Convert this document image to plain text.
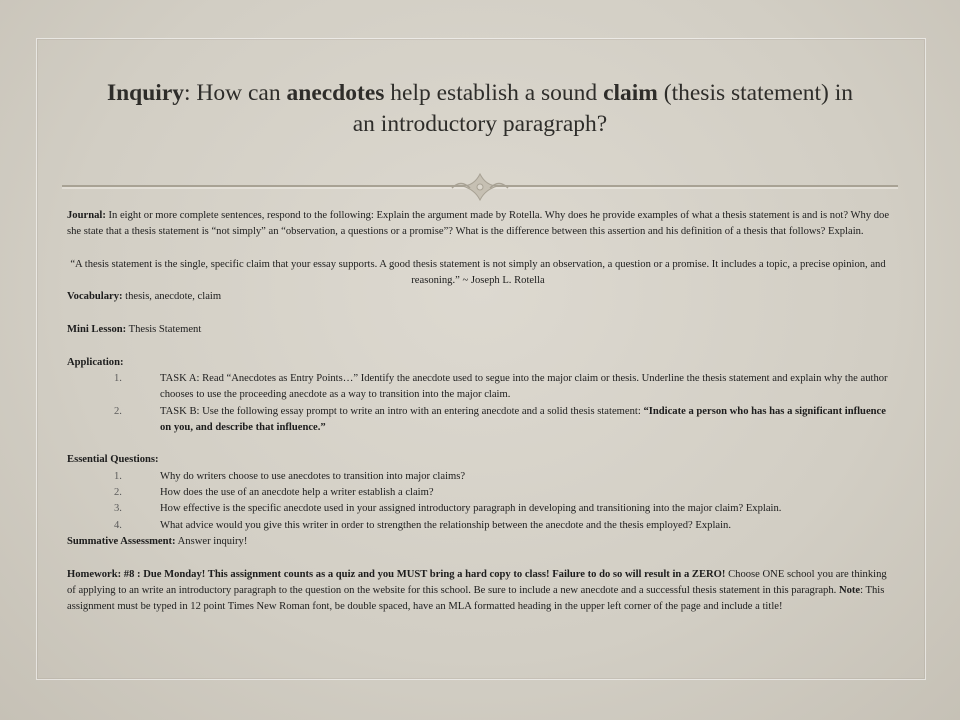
Inquiry: How can anecdotes help establish a sound claim (thesis statement) in an introductory paragraph?

Journal: In eight or more complete sentences, respond to the following: Explain the argument made by Rotella. Why does he provide examples of what a thesis statement is and is not? Why doe she state that a thesis statement is “not simply” an “observation, a questions or a promise”? What is the difference between this assertion and his definition of a thesis that follows? Explain.

“A thesis statement is the single, specific claim that your essay supports. A good thesis statement is not simply an observation, a question or a promise. It includes a topic, a precise opinion, and reasoning.” ~ Joseph L. Rotella

Vocabulary: thesis, anecdote, claim

Mini Lesson: Thesis Statement

Application:

1.	TASK A: Read “Anecdotes as Entry Points…” Identify the anecdote used to segue into the major claim or thesis. Underline the thesis statement and explain why the author chooses to use the proceeding anecdote as a way to transition into the major claim.
2.	TASK B: Use the following essay prompt to write an intro with an entering anecdote and a solid thesis statement: “Indicate a person who has has a significant influence on you, and describe that influence.”

Essential Questions:

1.	Why do writers choose to use anecdotes to transition into major claims?
2.	How does the use of an anecdote help a writer establish a claim?
3.	How effective is the specific anecdote used in your assigned introductory paragraph in developing and transitioning into the major claim? Explain.
4.	What advice would you give this writer in order to strengthen the relationship between the anecdote and the thesis employed? Explain.

Summative Assessment: Answer inquiry!

Homework: #8 : Due Monday! This assignment counts as a quiz and you MUST bring a hard copy to class! Failure to do so will result in a ZERO! Choose ONE school you are thinking of applying to an write an introductory paragraph to the question on the website for this school. Be sure to include a new anecdote and a successful thesis statement in this paragraph. Note: This assignment must be typed in 12 point Times New Roman font, be double spaced, have an MLA formatted heading in the upper left corner of the page and include a title!
